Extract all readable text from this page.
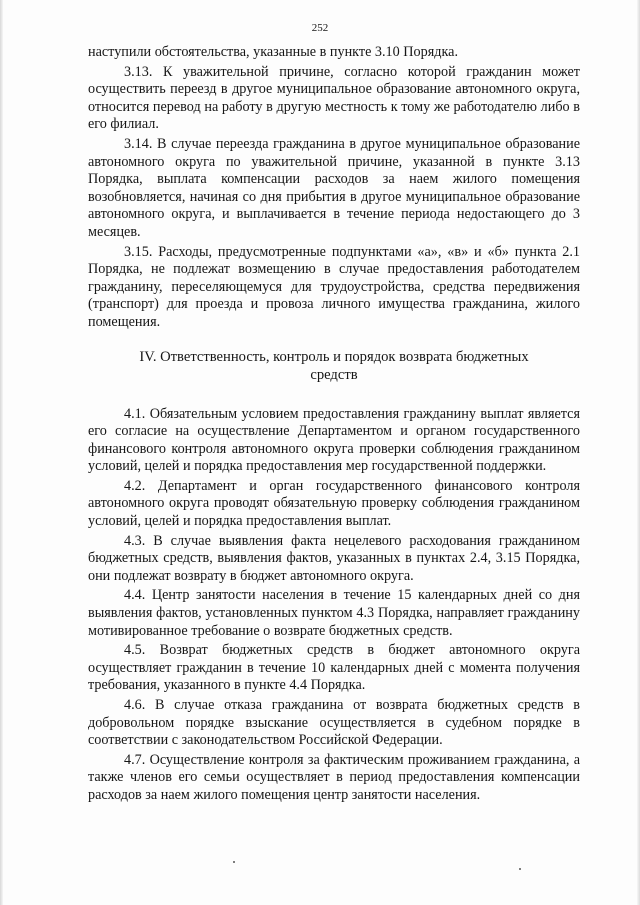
252

наступили обстоятельства, указанные в пункте 3.10 Порядка.

3.13. К уважительной причине, согласно которой гражданин может осуществить переезд в другое муниципальное образование автономного округа, относится перевод на работу в другую местность к тому же работодателю либо в его филиал.

3.14. В случае переезда гражданина в другое муниципальное образование автономного округа по уважительной причине, указанной в пункте 3.13 Порядка, выплата компенсации расходов за наем жилого помещения возобновляется, начиная со дня прибытия в другое муниципальное образование автономного округа, и выплачивается в течение периода недостающего до 3 месяцев.

3.15. Расходы, предусмотренные подпунктами «а», «в» и «б» пункта 2.1 Порядка, не подлежат возмещению в случае предоставления работодателем гражданину, переселяющемуся для трудоустройства, средства передвижения (транспорт) для проезда и провоза личного имущества гражданина, жилого помещения.

IV. Ответственность, контроль и порядок возврата бюджетных
средств

4.1. Обязательным условием предоставления гражданину выплат является его согласие на осуществление Департаментом и органом государственного финансового контроля автономного округа проверки соблюдения гражданином условий, целей и порядка предоставления мер государственной поддержки.

4.2. Департамент и орган государственного финансового контроля автономного округа проводят обязательную проверку соблюдения гражданином условий, целей и порядка предоставления выплат.

4.3. В случае выявления факта нецелевого расходования гражданином бюджетных средств, выявления фактов, указанных в пунктах 2.4, 3.15 Порядка, они подлежат возврату в бюджет автономного округа.

4.4. Центр занятости населения в течение 15 календарных дней со дня выявления фактов, установленных пунктом 4.3 Порядка, направляет гражданину мотивированное требование о возврате бюджетных средств.

4.5. Возврат бюджетных средств в бюджет автономного округа осуществляет гражданин в течение 10 календарных дней с момента получения требования, указанного в пункте 4.4 Порядка.

4.6. В случае отказа гражданина от возврата бюджетных средств в добровольном порядке взыскание осуществляется в судебном порядке в соответствии с законодательством Российской Федерации.

4.7. Осуществление контроля за фактическим проживанием гражданина, а также членов его семьи осуществляет в период предоставления компенсации расходов за наем жилого помещения центр занятости населения.
